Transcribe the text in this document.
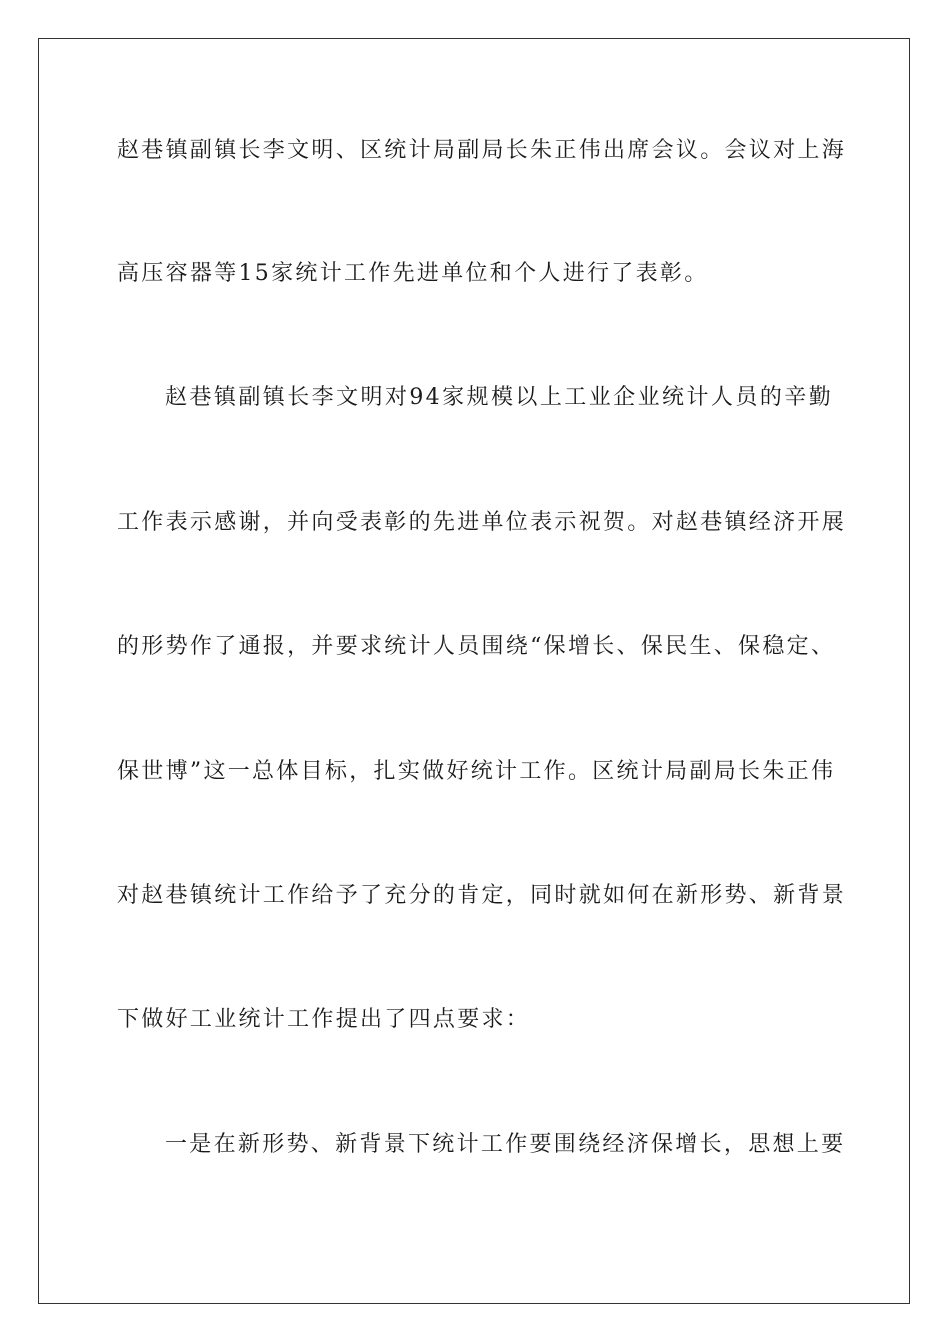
赵巷镇副镇长李文明、区统计局副局长朱正伟出席会议。会议对上海
高压容器等15家统计工作先进单位和个人进行了表彰。
赵巷镇副镇长李文明对94家规模以上工业企业统计人员的辛勤
工作表示感谢，并向受表彰的先进单位表示祝贺。对赵巷镇经济开展
的形势作了通报，并要求统计人员围绕“保增长、保民生、保稳定、
保世博”这一总体目标，扎实做好统计工作。区统计局副局长朱正伟
对赵巷镇统计工作给予了充分的肯定，同时就如何在新形势、新背景
下做好工业统计工作提出了四点要求：
一是在新形势、新背景下统计工作要围绕经济保增长，思想上要
